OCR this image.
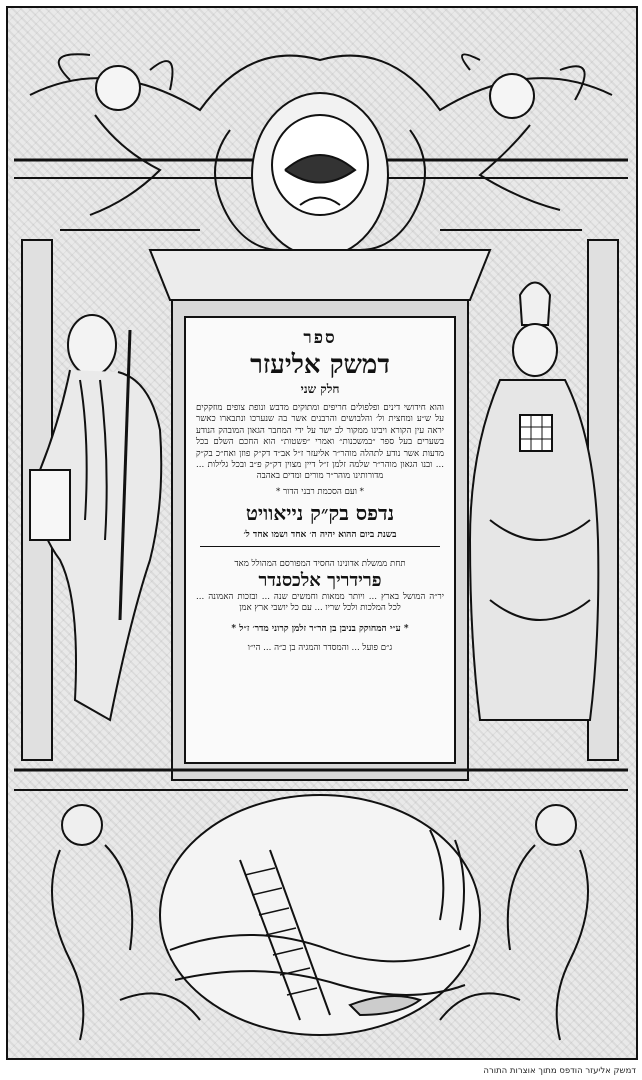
ספר
דמשק אליעזר
חלק שני
והוא חידושי דינים ופלפולים חריפים ומתוקים מדבש ונופת צופים מוזקקים על ש״ע ומחצית ול׳ והלבושים והרבנים אשר בה שנערכו ונתבארו כאשר יראה עין הקורא ויבינו ממקור לב ישר על ידי המחבר הגאון המובהק הנודע בשערים בעל ספר ״במשכנות״ ואמרי ״פשטות״ הוא החכם השלם בכל מדעות אשר נודע לתהלה מוהר״ר אליעזר ז״ל אב״ד דק״ק פוזן ואח״כ בק״ק ... ובנו הגאון מוהר״ר שלמה זלמן ז״ל דיין מצוין דק״ק פ״ב ובכל גלילות ... מדורותינו מוהר״ר מורים ומדים באהבה
* ועם הסכמת רבני הדור *
נדפס בק״ק נייאוויט
בשנת ביום ההוא יהיה ה׳ אחד ושמו אחד ל׳
תחת ממשלת אדונינו החסיד המפורסם המהולל מאד
פרידריך אלכסנדר
יר״ה המושל בארץ ... ויותר ממאות וחמשים שנה ... ובזכות האמונה ... לכל המלכות ולכל שריו ... עם כל יושבי ארץ אמן
* ע״י המחוקק בניבן בן הר״ר זלמן קרוני מדר׳ ז״ל *
ג״ם פועל ... והמסדר והמגיה בן כ״ה ... הי״ו
דמשק אליעזר הודפס מתוך אוצרות התורה
